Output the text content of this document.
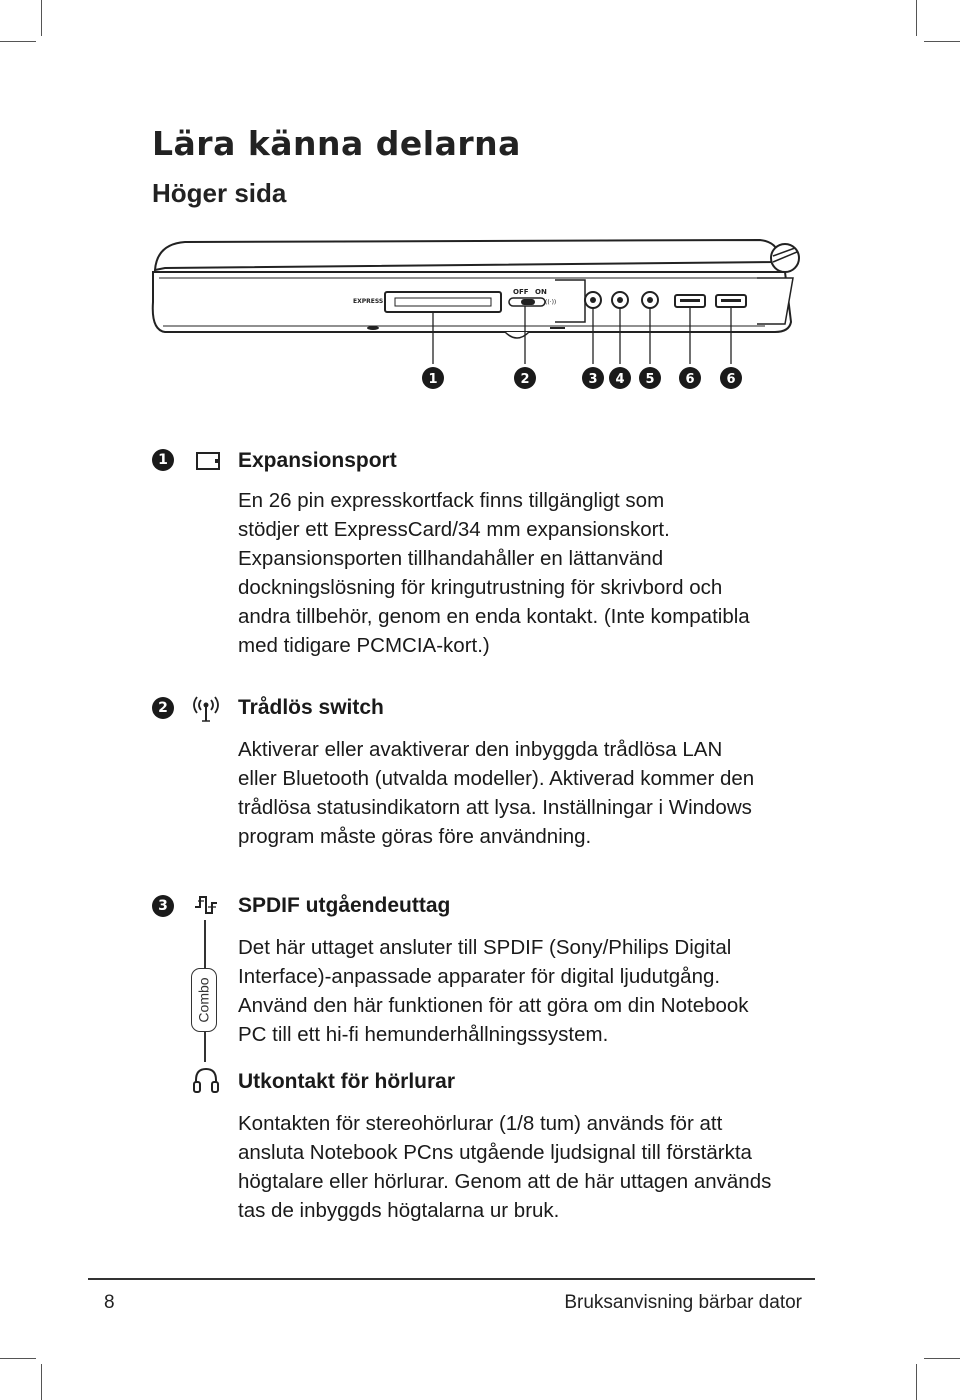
Lära känna delarna
Höger sida
EXPRESS
OFF ON
((·))
1	2	3 4 5 6 6
1	Expansionsport
En 26 pin expresskortfack finns tillgängligt som
stödjer ett ExpressCard/34 mm expansionskort.
Expansionsporten tillhandahåller en lättanvänd
dockningslösning för kringutrustning för skrivbord och
andra tillbehör, genom en enda kontakt. (Inte kompatibla
med tidigare PCMCIA-kort.)
2	Trådlös switch
Aktiverar eller avaktiverar den inbyggda trådlösa LAN
eller Bluetooth (utvalda modeller). Aktiverad kommer den
trådlösa statusindikatorn att lysa. Inställningar i Windows
program måste göras före användning.
3
Combo
SPDIF utgåendeuttag
Det här uttaget ansluter till SPDIF (Sony/Philips Digital
Interface)-anpassade apparater för digital ljudutgång.
Använd den här funktionen för att göra om din Notebook
PC till ett hi-fi hemunderhållningssystem.
Utkontakt för hörlurar
Kontakten för stereohörlurar (1/8 tum) används för att
ansluta Notebook PCns utgående ljudsignal till förstärkta
högtalare eller hörlurar. Genom att de här uttagen används
tas de inbyggds högtalarna ur bruk.

8	Bruksanvisning bärbar dator
